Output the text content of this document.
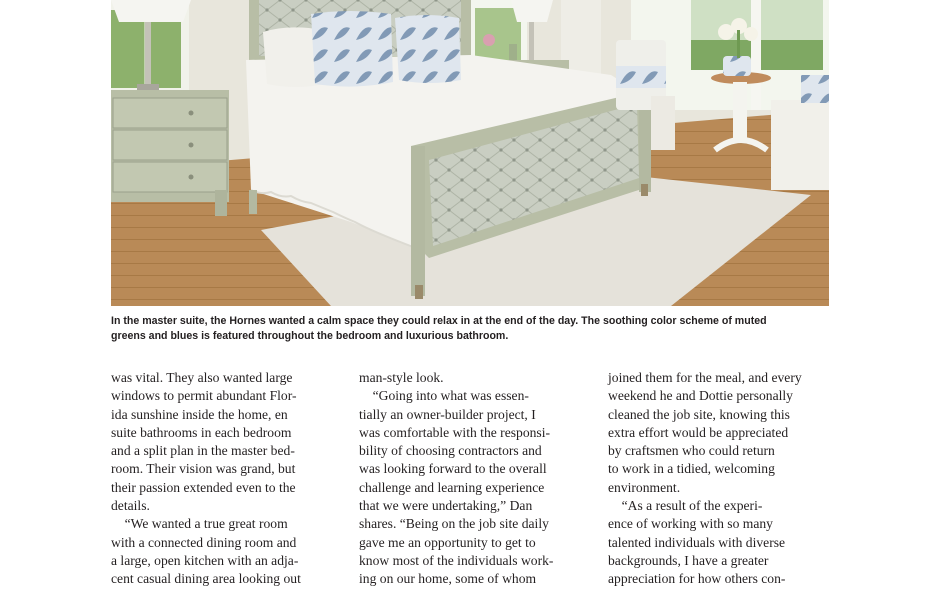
In the master suite, the Hornes wanted a calm space they could relax in at the end of the day. The soothing color scheme of muted
greens and blues is featured throughout the bedroom and luxurious bathroom.
was vital. They also wanted large
windows to permit abundant Flor-
ida sunshine inside the home, en
suite bathrooms in each bedroom
and a split plan in the master bed-
room. Their vision was grand, but
their passion extended even to the
details.
“We wanted a true great room
with a connected dining room and
a large, open kitchen with an adja-
cent casual dining area looking out
man-style look.
“Going into what was essen-
tially an owner-builder project, I
was comfortable with the responsi-
bility of choosing contractors and
was looking forward to the overall
challenge and learning experience
that we were undertaking,” Dan
shares. “Being on the job site daily
gave me an opportunity to get to
know most of the individuals work-
ing on our home, some of whom
joined them for the meal, and every
weekend he and Dottie personally
cleaned the job site, knowing this
extra effort would be appreciated
by craftsmen who could return
to work in a tidied, welcoming
environment.
“As a result of the experi-
ence of working with so many
talented individuals with diverse
backgrounds, I have a greater
appreciation for how others con-
